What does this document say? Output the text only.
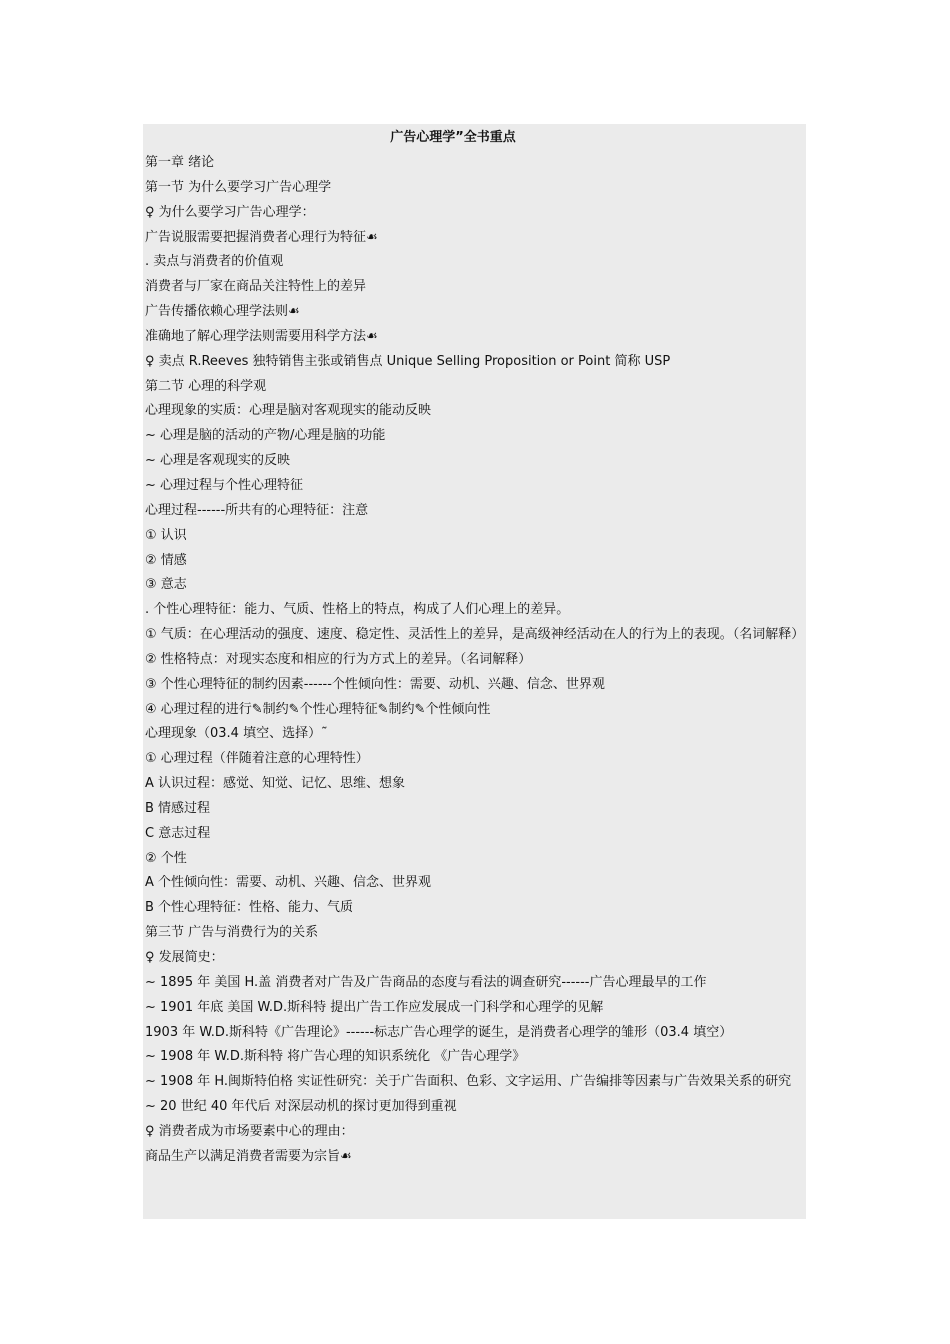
广告心理学”全书重点
第一章 绪论
第一节 为什么要学习广告心理学
♀ 为什么要学习广告心理学：
广告说服需要把握消费者心理行为特征☙
. 卖点与消费者的价值观
消费者与厂家在商品关注特性上的差异
广告传播依赖心理学法则☙
准确地了解心理学法则需要用科学方法☙
♀ 卖点 R.Reeves 独特销售主张或销售点 Unique Selling Proposition or Point 简称 USP
第二节 心理的科学观
心理现象的实质：心理是脑对客观现实的能动反映
~ 心理是脑的活动的产物/心理是脑的功能
~ 心理是客观现实的反映
~ 心理过程与个性心理特征
心理过程------所共有的心理特征：注意
① 认识
② 情感
③ 意志
. 个性心理特征：能力、气质、性格上的特点，构成了人们心理上的差异。
① 气质：在心理活动的强度、速度、稳定性、灵活性上的差异，是高级神经活动在人的行为上的表现。（名词解释）
② 性格特点：对现实态度和相应的行为方式上的差异。（名词解释）
③ 个性心理特征的制约因素------个性倾向性：需要、动机、兴趣、信念、世界观
④ 心理过程的进行✎制约✎个性心理特征✎制约✎个性倾向性
心理现象（03.4 填空、选择）˜
① 心理过程（伴随着注意的心理特性）
A 认识过程：感觉、知觉、记忆、思维、想象
B 情感过程
C 意志过程
② 个性
A 个性倾向性：需要、动机、兴趣、信念、世界观
B 个性心理特征：性格、能力、气质
第三节 广告与消费行为的关系
♀ 发展简史：
~ 1895 年 美国 H.盖 消费者对广告及广告商品的态度与看法的调查研究------广告心理最早的工作
~ 1901 年底 美国 W.D.斯科特 提出广告工作应发展成一门科学和心理学的见解
1903 年 W.D.斯科特《广告理论》------标志广告心理学的诞生，是消费者心理学的雏形（03.4 填空）
~ 1908 年 W.D.斯科特 将广告心理的知识系统化 《广告心理学》
~ 1908 年 H.闽斯特伯格 实证性研究：关于广告面积、色彩、文字运用、广告编排等因素与广告效果关系的研究
~ 20 世纪 40 年代后 对深层动机的探讨更加得到重视
♀ 消费者成为市场要素中心的理由：
商品生产以满足消费者需要为宗旨☙
